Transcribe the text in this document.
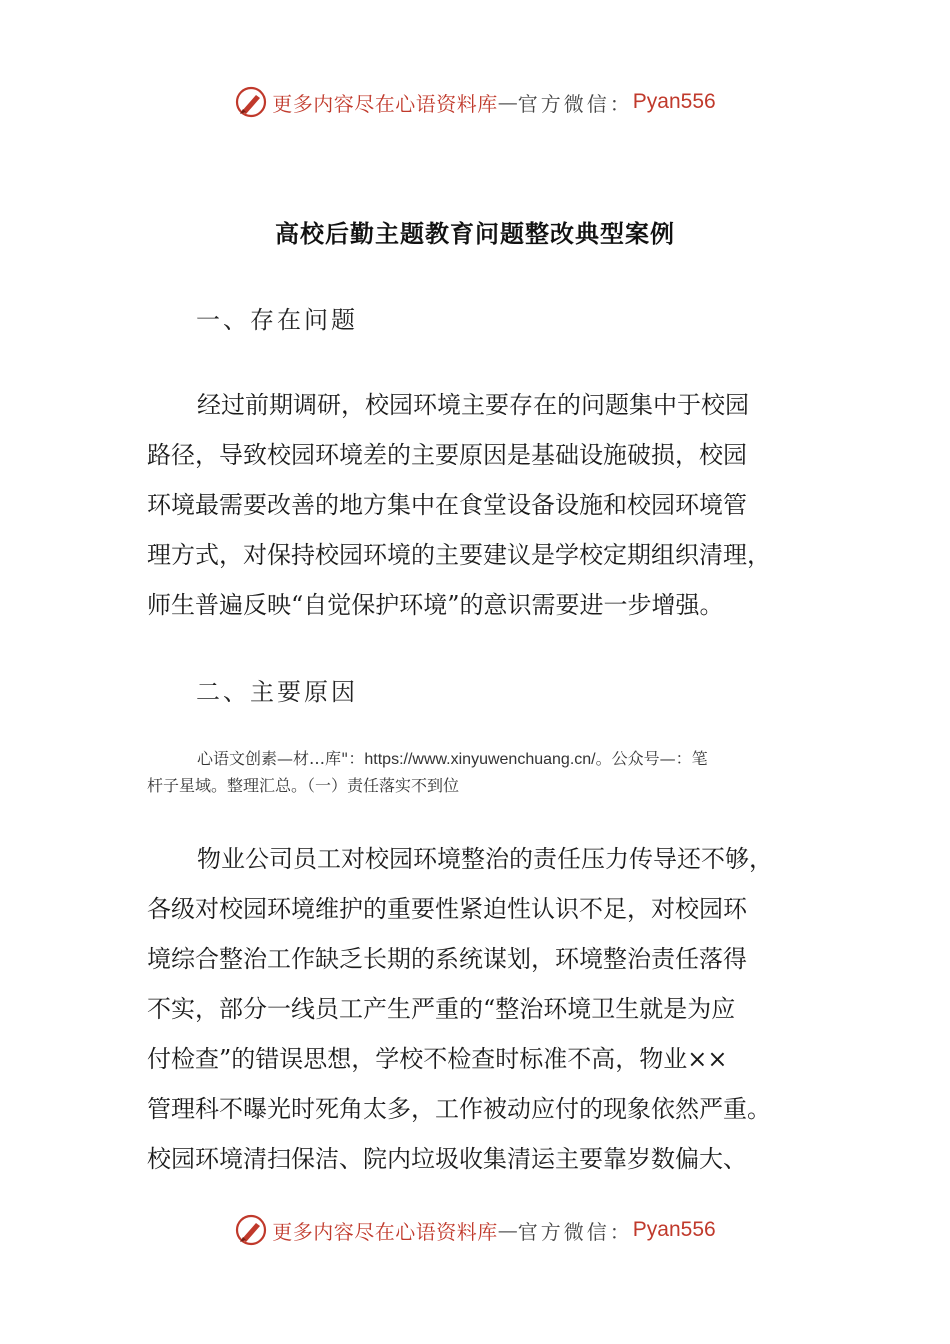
更多内容尽在心语资料库 — 官方微信： Pyan556
高校后勤主题教育问题整改典型案例
一、存在问题
经过前期调研，校园环境主要存在的问题集中于校园
路径，导致校园环境差的主要原因是基础设施破损，校园
环境最需要改善的地方集中在食堂设备设施和校园环境管
理方式，对保持校园环境的主要建议是学校定期组织清理，
师生普遍反映“自觉保护环境”的意识需要进一步增强。
二、主要原因
心语文创素—材…库"：https://www.xinyuwenchuang.cn/。公众号—：笔
杆子星域。整理汇总。（一）责任落实不到位
物业公司员工对校园环境整治的责任压力传导还不够，
各级对校园环境维护的重要性紧迫性认识不足，对校园环
境综合整治工作缺乏长期的系统谋划，环境整治责任落得
不实，部分一线员工产生严重的“整治环境卫生就是为应
付检查”的错误思想，学校不检查时标准不高，物业××
管理科不曝光时死角太多，工作被动应付的现象依然严重。
校园环境清扫保洁、院内垃圾收集清运主要靠岁数偏大、
更多内容尽在心语资料库 — 官方微信： Pyan556
